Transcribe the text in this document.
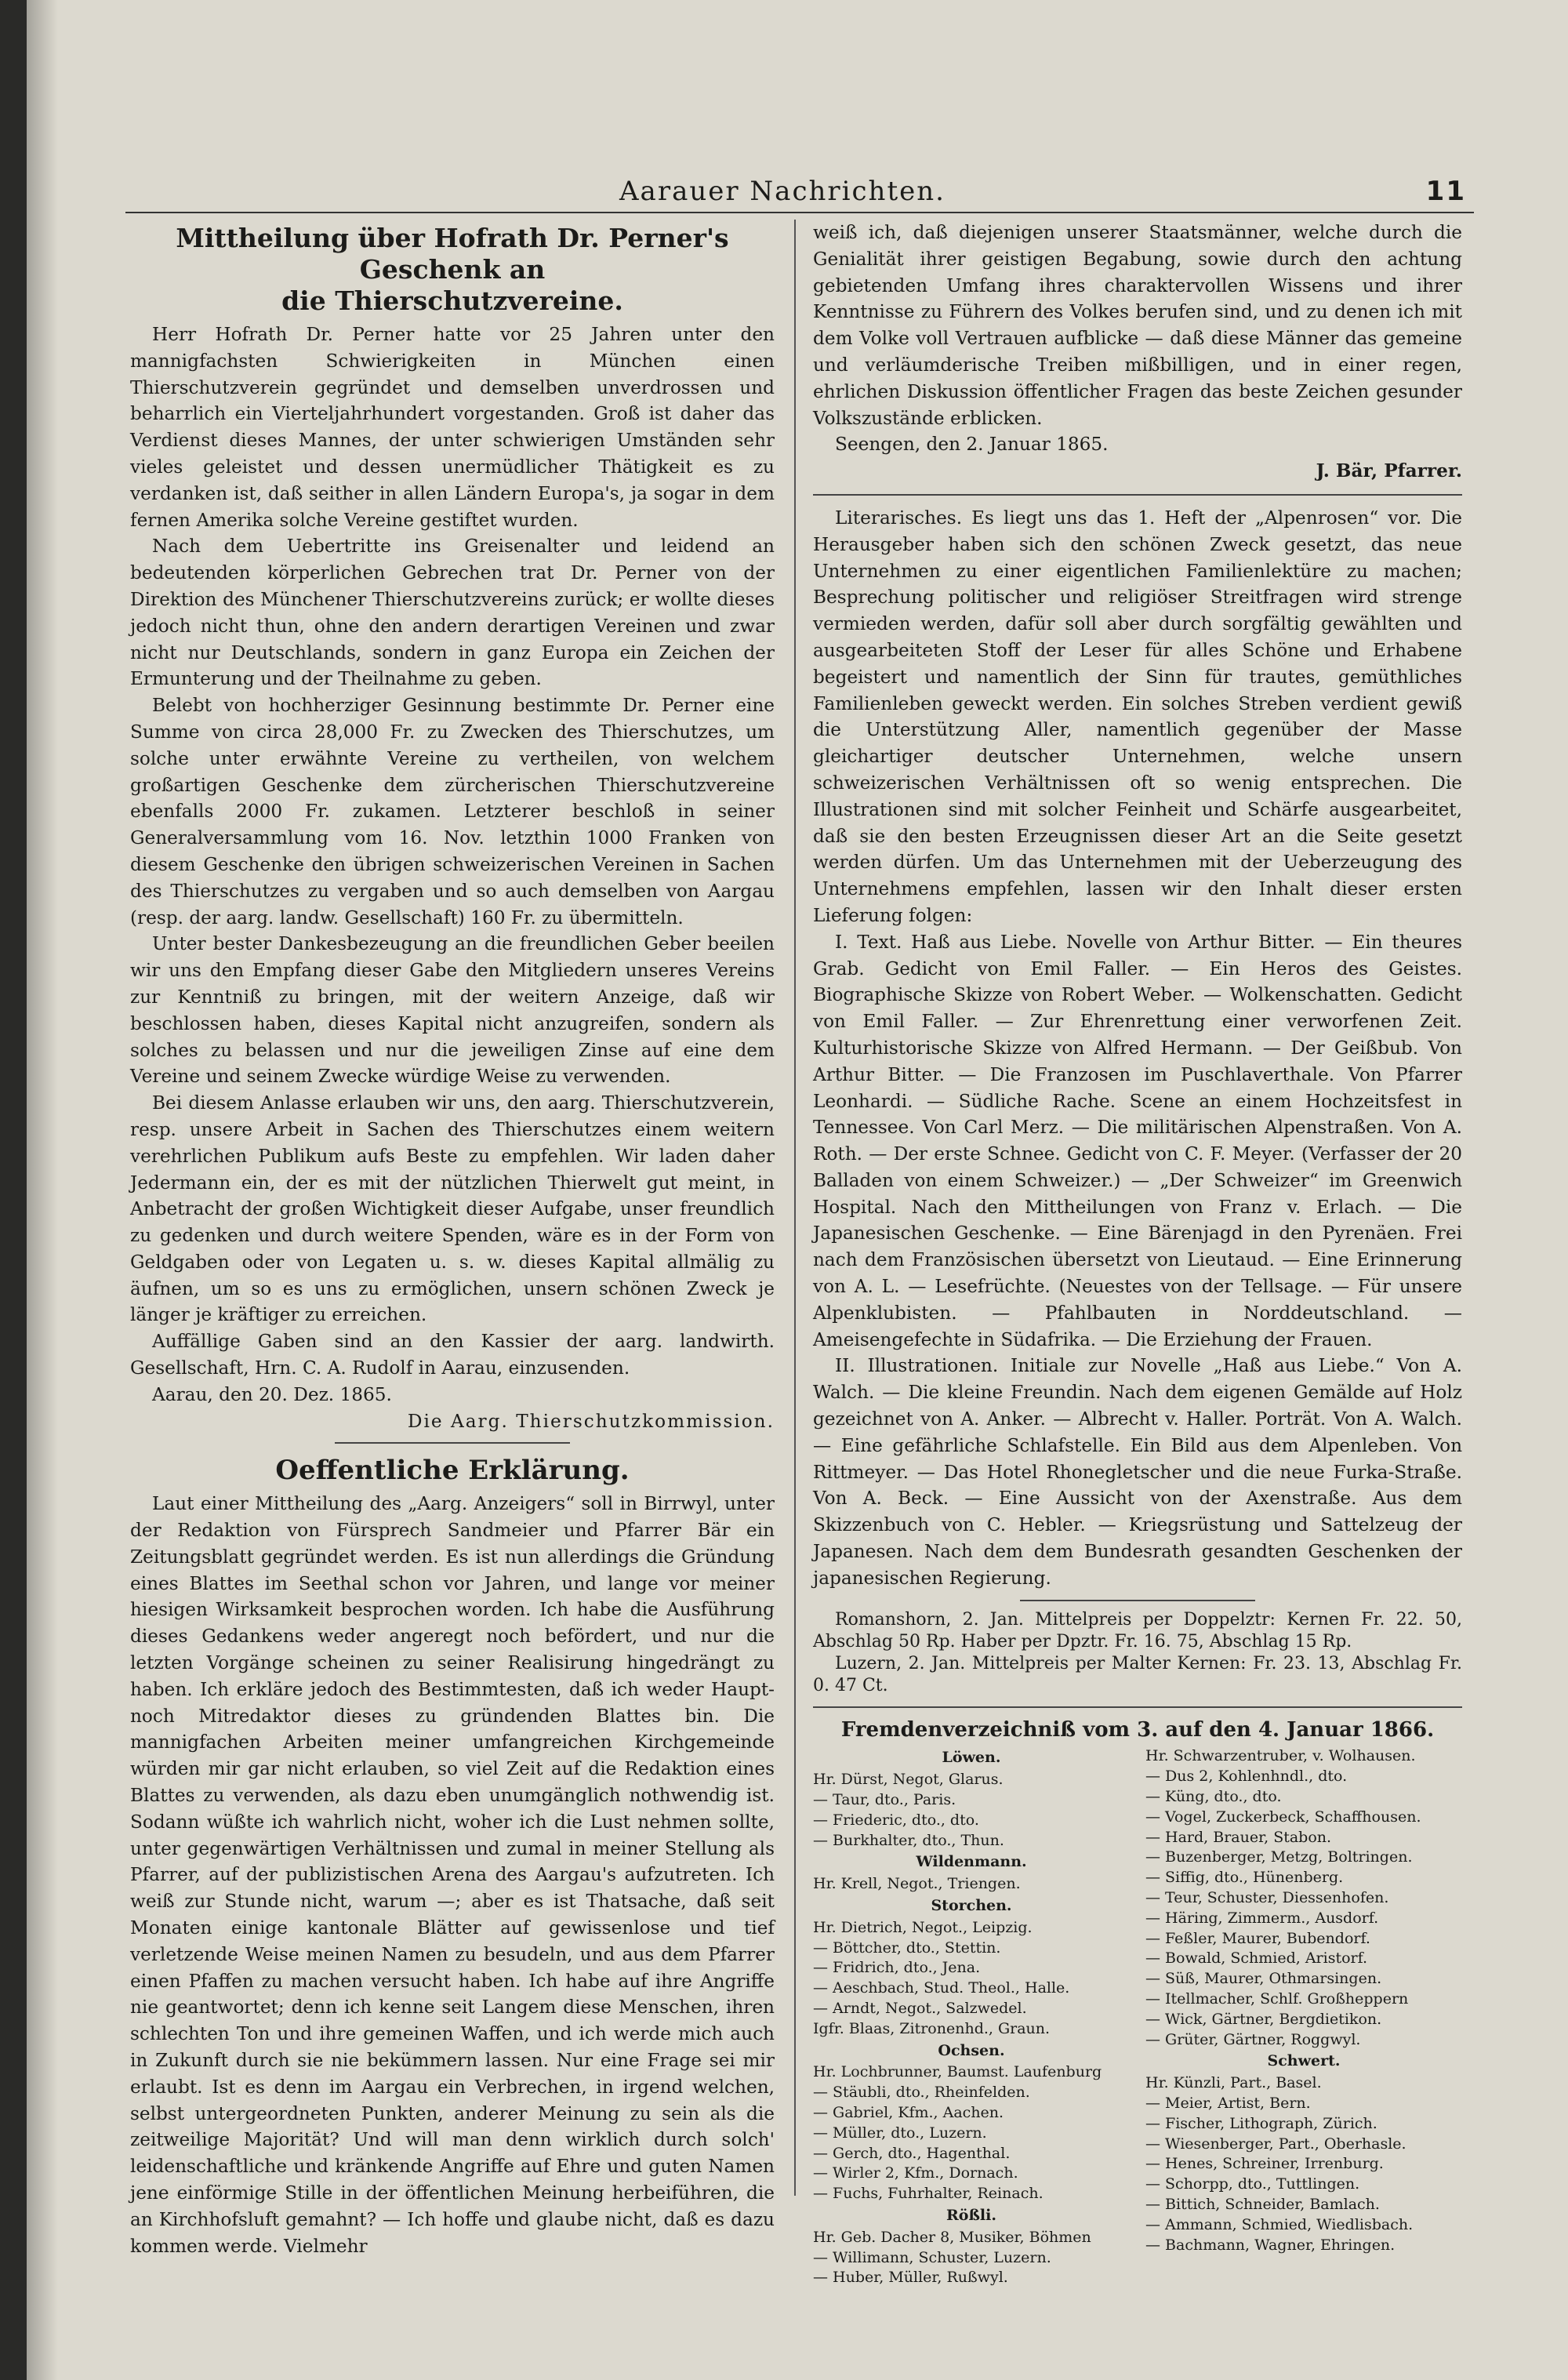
Aarauer Nachrichten.	11
Mittheilung über Hofrath Dr. Perner's Geschenk an
die Thierschutzvereine.

Herr Hofrath Dr. Perner hatte vor 25 Jahren unter den mannigfachsten Schwierigkeiten in München einen Thierschutzverein gegründet und demselben unverdrossen und beharrlich ein Vierteljahrhundert vorgestanden. Groß ist daher das Verdienst dieses Mannes, der unter schwierigen Umständen sehr vieles geleistet und dessen unermüdlicher Thätigkeit es zu verdanken ist, daß seither in allen Ländern Europa's, ja sogar in dem fernen Amerika solche Vereine gestiftet wurden.

Nach dem Uebertritte ins Greisenalter und leidend an bedeutenden körperlichen Gebrechen trat Dr. Perner von der Direktion des Münchener Thierschutzvereins zurück; er wollte dieses jedoch nicht thun, ohne den andern derartigen Vereinen und zwar nicht nur Deutschlands, sondern in ganz Europa ein Zeichen der Ermunterung und der Theilnahme zu geben.

Belebt von hochherziger Gesinnung bestimmte Dr. Perner eine Summe von circa 28,000 Fr. zu Zwecken des Thierschutzes, um solche unter erwähnte Vereine zu vertheilen, von welchem großartigen Geschenke dem zürcherischen Thierschutzvereine ebenfalls 2000 Fr. zukamen. Letzterer beschloß in seiner Generalversammlung vom 16. Nov. letzthin 1000 Franken von diesem Geschenke den übrigen schweizerischen Vereinen in Sachen des Thierschutzes zu vergaben und so auch demselben von Aargau (resp. der aarg. landw. Gesellschaft) 160 Fr. zu übermitteln.

Unter bester Dankesbezeugung an die freundlichen Geber beeilen wir uns den Empfang dieser Gabe den Mitgliedern unseres Vereins zur Kenntniß zu bringen, mit der weitern Anzeige, daß wir beschlossen haben, dieses Kapital nicht anzugreifen, sondern als solches zu belassen und nur die jeweiligen Zinse auf eine dem Vereine und seinem Zwecke würdige Weise zu verwenden.

Bei diesem Anlasse erlauben wir uns, den aarg. Thierschutzverein, resp. unsere Arbeit in Sachen des Thierschutzes einem weitern verehrlichen Publikum aufs Beste zu empfehlen. Wir laden daher Jedermann ein, der es mit der nützlichen Thierwelt gut meint, in Anbetracht der großen Wichtigkeit dieser Aufgabe, unser freundlich zu gedenken und durch weitere Spenden, wäre es in der Form von Geldgaben oder von Legaten u. s. w. dieses Kapital allmälig zu äufnen, um so es uns zu ermöglichen, unsern schönen Zweck je länger je kräftiger zu erreichen.

Auffällige Gaben sind an den Kassier der aarg. landwirth. Gesellschaft, Hrn. C. A. Rudolf in Aarau, einzusenden.

Aarau, den 20. Dez. 1865.

Die Aarg. Thierschutzkommission.

Oeffentliche Erklärung.

Laut einer Mittheilung des „Aarg. Anzeigers“ soll in Birrwyl, unter der Redaktion von Fürsprech Sandmeier und Pfarrer Bär ein Zeitungsblatt gegründet werden. Es ist nun allerdings die Gründung eines Blattes im Seethal schon vor Jahren, und lange vor meiner hiesigen Wirksamkeit besprochen worden. Ich habe die Ausführung dieses Gedankens weder angeregt noch befördert, und nur die letzten Vorgänge scheinen zu seiner Realisirung hingedrängt zu haben. Ich erkläre jedoch des Bestimmtesten, daß ich weder Haupt- noch Mitredaktor dieses zu gründenden Blattes bin. Die mannigfachen Arbeiten meiner umfangreichen Kirchgemeinde würden mir gar nicht erlauben, so viel Zeit auf die Redaktion eines Blattes zu verwenden, als dazu eben unumgänglich nothwendig ist. Sodann wüßte ich wahrlich nicht, woher ich die Lust nehmen sollte, unter gegenwärtigen Verhältnissen und zumal in meiner Stellung als Pfarrer, auf der publizistischen Arena des Aargau's aufzutreten. Ich weiß zur Stunde nicht, warum —; aber es ist Thatsache, daß seit Monaten einige kantonale Blätter auf gewissenlose und tief verletzende Weise meinen Namen zu besudeln, und aus dem Pfarrer einen Pfaffen zu machen versucht haben. Ich habe auf ihre Angriffe nie geantwortet; denn ich kenne seit Langem diese Menschen, ihren schlechten Ton und ihre gemeinen Waffen, und ich werde mich auch in Zukunft durch sie nie bekümmern lassen. Nur eine Frage sei mir erlaubt. Ist es denn im Aargau ein Verbrechen, in irgend welchen, selbst untergeordneten Punkten, anderer Meinung zu sein als die zeitweilige Majorität? Und will man denn wirklich durch solch' leidenschaftliche und kränkende Angriffe auf Ehre und guten Namen jene einförmige Stille in der öffentlichen Meinung herbeiführen, die an Kirchhofsluft gemahnt? — Ich hoffe und glaube nicht, daß es dazu kommen werde. Vielmehr

weiß ich, daß diejenigen unserer Staatsmänner, welche durch die Genialität ihrer geistigen Begabung, sowie durch den achtung gebietenden Umfang ihres charaktervollen Wissens und ihrer Kenntnisse zu Führern des Volkes berufen sind, und zu denen ich mit dem Volke voll Vertrauen aufblicke — daß diese Männer das gemeine und verläumderische Treiben mißbilligen, und in einer regen, ehrlichen Diskussion öffentlicher Fragen das beste Zeichen gesunder Volkszustände erblicken.

Seengen, den 2. Januar 1865.

J. Bär, Pfarrer.

Literarisches. Es liegt uns das 1. Heft der „Alpenrosen“ vor. Die Herausgeber haben sich den schönen Zweck gesetzt, das neue Unternehmen zu einer eigentlichen Familienlektüre zu machen; Besprechung politischer und religiöser Streitfragen wird strenge vermieden werden, dafür soll aber durch sorgfältig gewählten und ausgearbeiteten Stoff der Leser für alles Schöne und Erhabene begeistert und namentlich der Sinn für trautes, gemüthliches Familienleben geweckt werden. Ein solches Streben verdient gewiß die Unterstützung Aller, namentlich gegenüber der Masse gleichartiger deutscher Unternehmen, welche unsern schweizerischen Verhältnissen oft so wenig entsprechen. Die Illustrationen sind mit solcher Feinheit und Schärfe ausgearbeitet, daß sie den besten Erzeugnissen dieser Art an die Seite gesetzt werden dürfen. Um das Unternehmen mit der Ueberzeugung des Unternehmens empfehlen, lassen wir den Inhalt dieser ersten Lieferung folgen:

I. Text. Haß aus Liebe. Novelle von Arthur Bitter. — Ein theures Grab. Gedicht von Emil Faller. — Ein Heros des Geistes. Biographische Skizze von Robert Weber. — Wolkenschatten. Gedicht von Emil Faller. — Zur Ehrenrettung einer verworfenen Zeit. Kulturhistorische Skizze von Alfred Hermann. — Der Geißbub. Von Arthur Bitter. — Die Franzosen im Puschlaverthale. Von Pfarrer Leonhardi. — Südliche Rache. Scene an einem Hochzeitsfest in Tennessee. Von Carl Merz. — Die militärischen Alpenstraßen. Von A. Roth. — Der erste Schnee. Gedicht von C. F. Meyer. (Verfasser der 20 Balladen von einem Schweizer.) — „Der Schweizer“ im Greenwich Hospital. Nach den Mittheilungen von Franz v. Erlach. — Die Japanesischen Geschenke. — Eine Bärenjagd in den Pyrenäen. Frei nach dem Französischen übersetzt von Lieutaud. — Eine Erinnerung von A. L. — Lesefrüchte. (Neuestes von der Tellsage. — Für unsere Alpenklubisten. — Pfahlbauten in Norddeutschland. — Ameisengefechte in Südafrika. — Die Erziehung der Frauen.

II. Illustrationen. Initiale zur Novelle „Haß aus Liebe.“ Von A. Walch. — Die kleine Freundin. Nach dem eigenen Gemälde auf Holz gezeichnet von A. Anker. — Albrecht v. Haller. Porträt. Von A. Walch. — Eine gefährliche Schlafstelle. Ein Bild aus dem Alpenleben. Von Rittmeyer. — Das Hotel Rhonegletscher und die neue Furka-Straße. Von A. Beck. — Eine Aussicht von der Axenstraße. Aus dem Skizzenbuch von C. Hebler. — Kriegsrüstung und Sattelzeug der Japanesen. Nach dem dem Bundesrath gesandten Geschenken der japanesischen Regierung.

Romanshorn, 2. Jan. Mittelpreis per Doppelztr: Kernen Fr. 22. 50, Abschlag 50 Rp. Haber per Dpztr. Fr. 16. 75, Abschlag 15 Rp.

Luzern, 2. Jan. Mittelpreis per Malter Kernen: Fr. 23. 13, Abschlag Fr. 0. 47 Ct.

Fremdenverzeichniß vom 3. auf den 4. Januar 1866.
Löwen.
Hr. Dürst, Negot, Glarus.
— Taur, dto., Paris.
— Friederic, dto., dto.
— Burkhalter, dto., Thun.
Wildenmann.
Hr. Krell, Negot., Triengen.
Storchen.
Hr. Dietrich, Negot., Leipzig.
— Böttcher, dto., Stettin.
— Fridrich, dto., Jena.
— Aeschbach, Stud. Theol., Halle.
— Arndt, Negot., Salzwedel.
Igfr. Blaas, Zitronenhd., Graun.
Ochsen.
Hr. Lochbrunner, Baumst. Laufenburg
— Stäubli, dto., Rheinfelden.
— Gabriel, Kfm., Aachen.
— Müller, dto., Luzern.
— Gerch, dto., Hagenthal.
— Wirler 2, Kfm., Dornach.
— Fuchs, Fuhrhalter, Reinach.
Rößli.
Hr. Geb. Dacher 8, Musiker, Böhmen
— Willimann, Schuster, Luzern.
— Huber, Müller, Rußwyl.
Hr. Schwarzentruber, v. Wolhausen.
— Dus 2, Kohlenhndl., dto.
— Küng, dto., dto.
— Vogel, Zuckerbeck, Schaffhousen.
— Hard, Brauer, Stabon.
— Buzenberger, Metzg, Boltringen.
— Siffig, dto., Hünenberg.
— Teur, Schuster, Diessenhofen.
— Häring, Zimmerm., Ausdorf.
— Feßler, Maurer, Bubendorf.
— Bowald, Schmied, Aristorf.
— Süß, Maurer, Othmarsingen.
— Itellmacher, Schlf. Großheppern
— Wick, Gärtner, Bergdietikon.
— Grüter, Gärtner, Roggwyl.
Schwert.
Hr. Künzli, Part., Basel.
— Meier, Artist, Bern.
— Fischer, Lithograph, Zürich.
— Wiesenberger, Part., Oberhasle.
— Henes, Schreiner, Irrenburg.
— Schorpp, dto., Tuttlingen.
— Bittich, Schneider, Bamlach.
— Ammann, Schmied, Wiedlisbach.
— Bachmann, Wagner, Ehringen.
